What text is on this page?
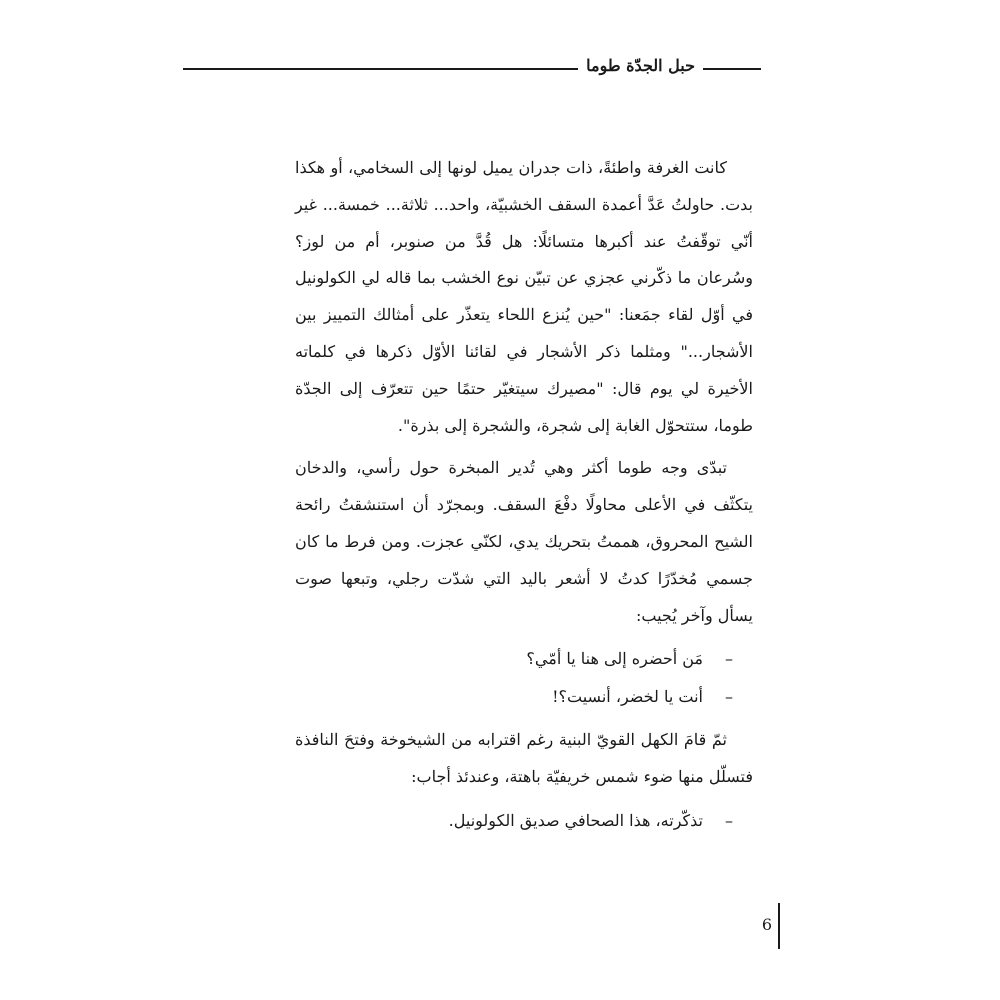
حبل الجدّة طوما

كانت الغرفة واطئةً، ذات جدران يميل لونها إلى السخامي، أو هكذا بدت. حاولتُ عَدَّ أعمدة السقف الخشبيّة، واحد... ثلاثة... خمسة... غير أنّي توقّفتُ عند أكبرها متسائلًا: هل قُدَّ من صنوبر، أم من لوز؟ وسُرعان ما ذكّرني عجزي عن تبيّن نوع الخشب بما قاله لي الكولونيل في أوّل لقاء جمَعنا: "حين يُنزع اللحاء يتعذّر على أمثالك التمييز بين الأشجار..." ومثلما ذكر الأشجار في لقائنا الأوّل ذكرها في كلماته الأخيرة لي يوم قال: "مصيرك سيتغيّر حتمًا حين تتعرّف إلى الجدّة طوما، ستتحوّل الغابة إلى شجرة، والشجرة إلى بذرة".

تبدّى وجه طوما أكثر وهي تُدير المبخرة حول رأسي، والدخان يتكثّف في الأعلى محاولًا دفْعَ السقف. وبمجرّد أن استنشقتُ رائحة الشيح المحروق، هممتُ بتحريك يدي، لكنّي عجزت. ومن فرط ما كان جسمي مُخدّرًا كدتُ لا أشعر باليد التي شدّت رجلي، وتبعها صوت يسأل وآخر يُجيب:

–مَن أحضره إلى هنا يا أمّي؟
–أنت يا لخضر، أنسيت؟!

ثمّ قامَ الكهل القويّ البنية رغم اقترابه من الشيخوخة وفتحَ النافذة فتسلّل منها ضوء شمس خريفيّة باهتة، وعندئذ أجاب:

–تذكّرته، هذا الصحافي صديق الكولونيل.
6
